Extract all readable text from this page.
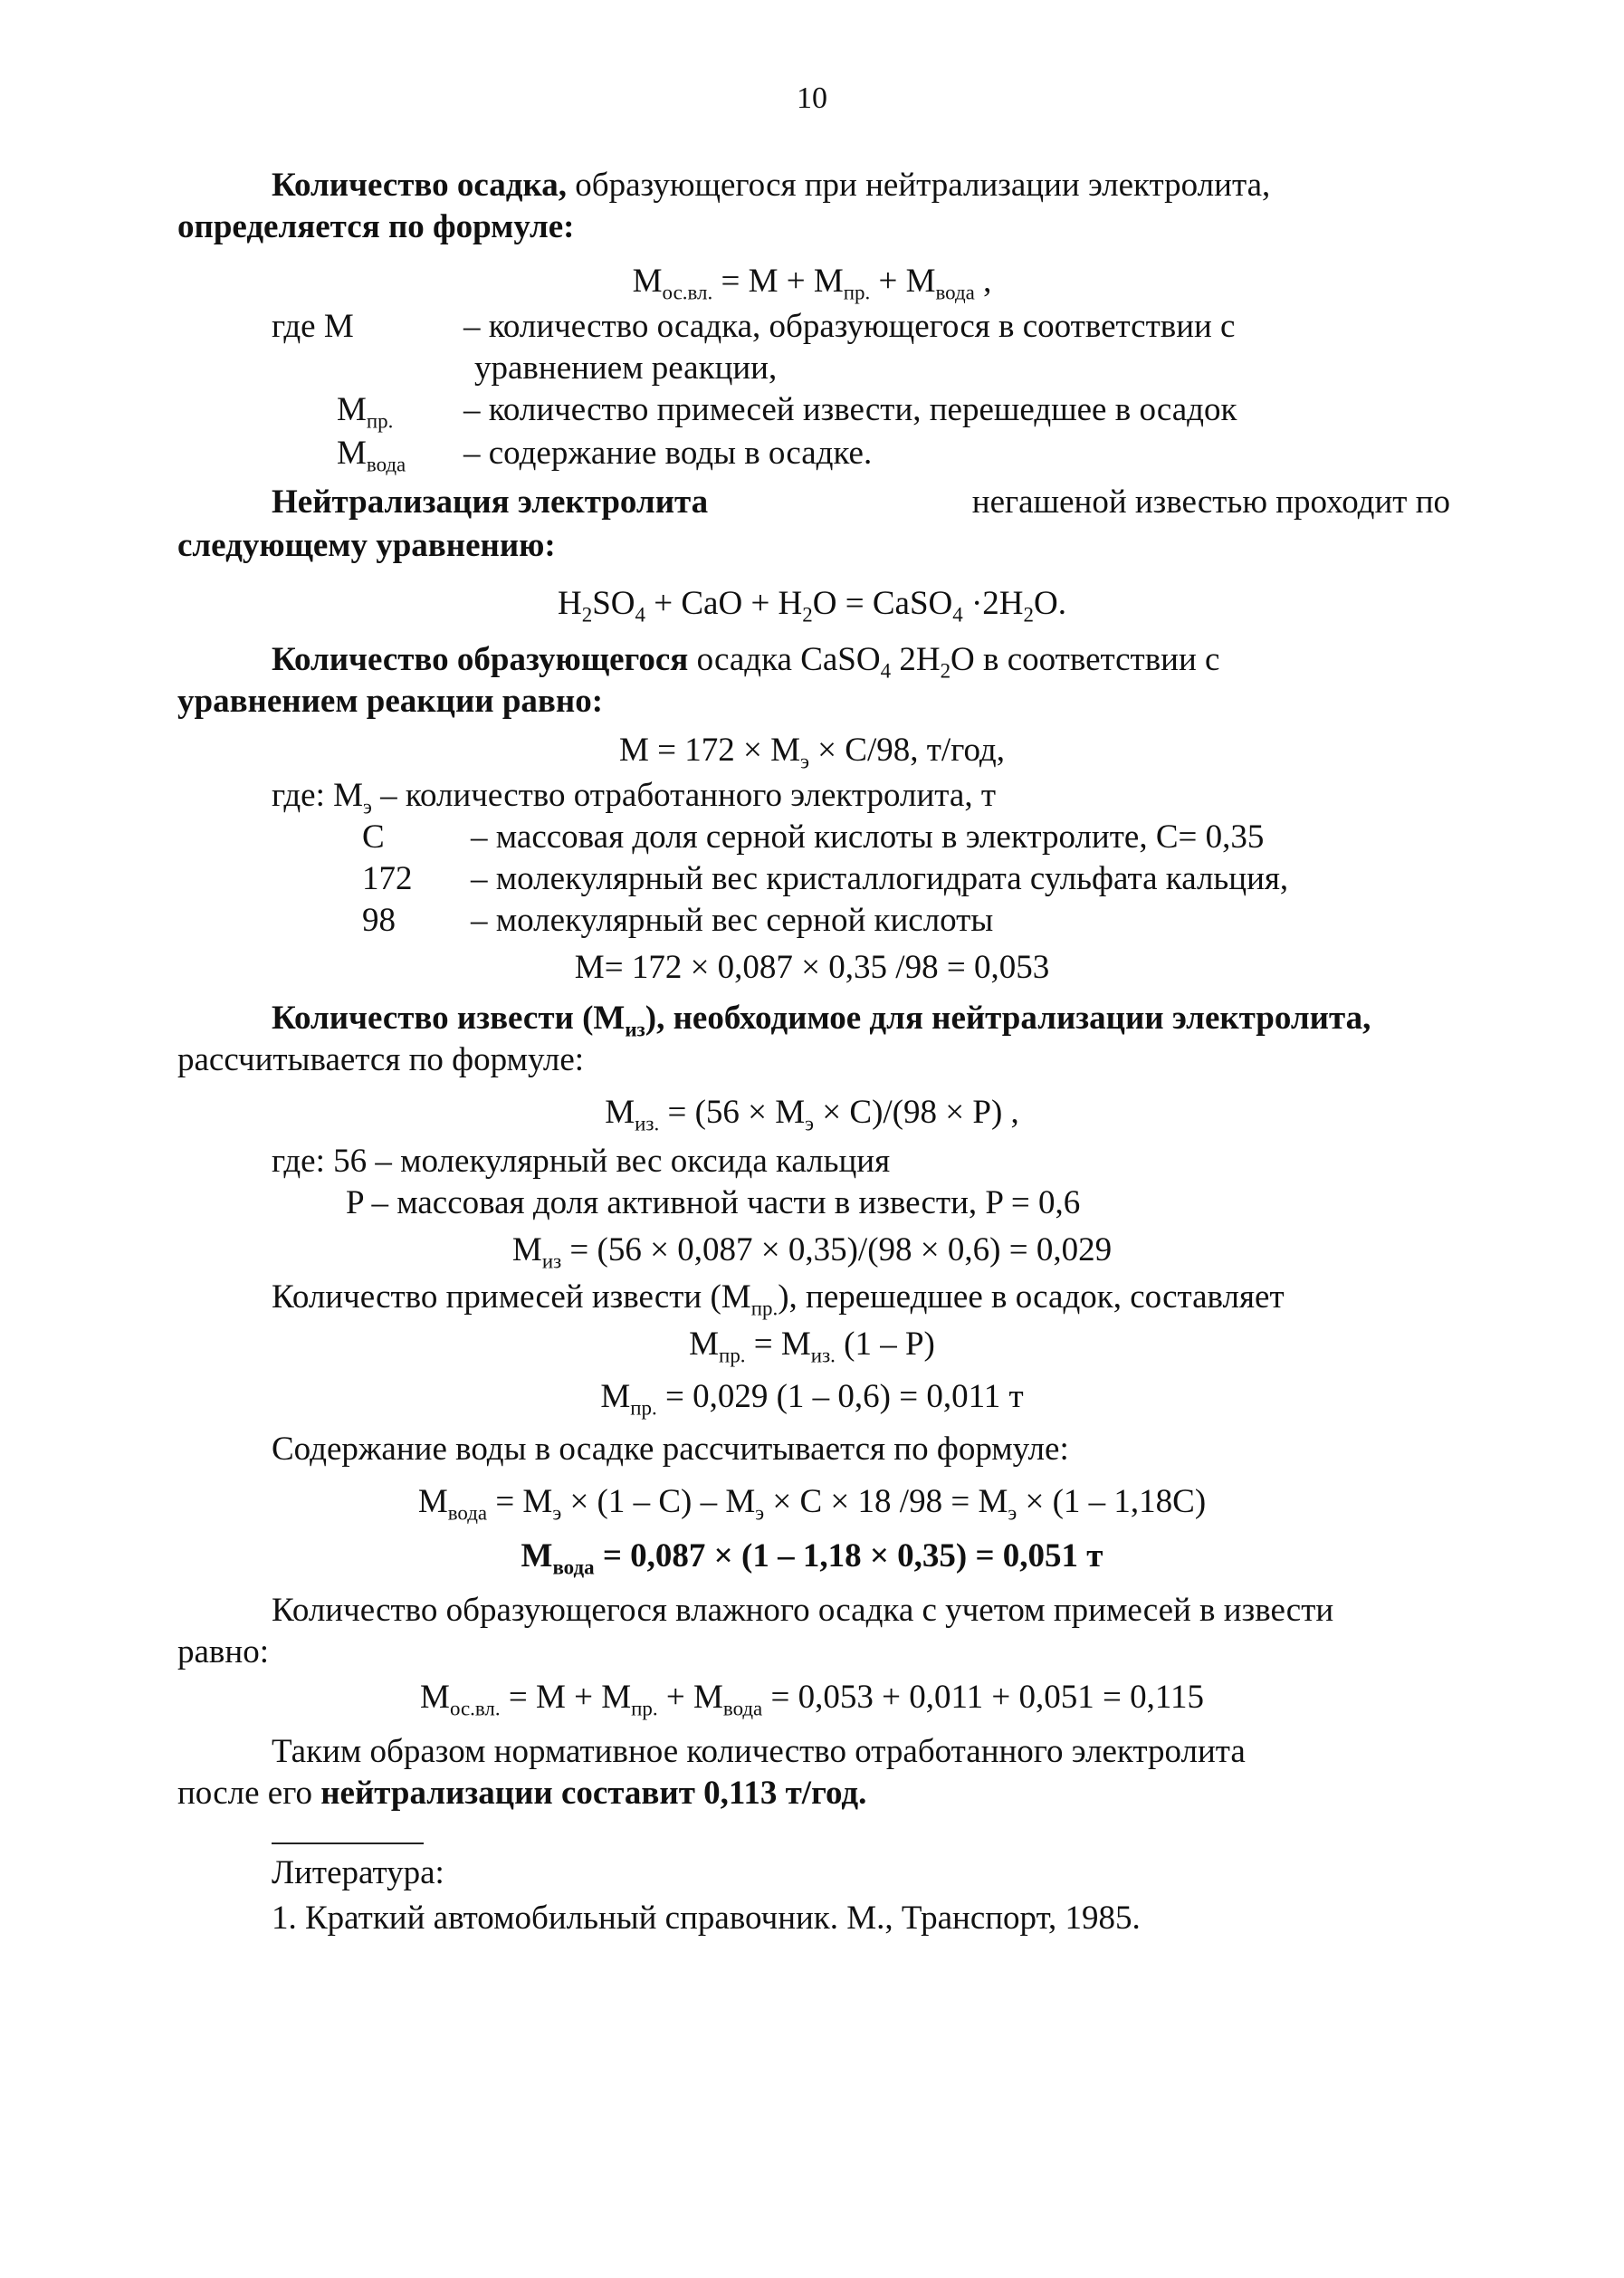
10
Количество осадка, образующегося при нейтрализации электролита,
определяется по формуле:
$M_{ос.вл.} = M + M_{пр.} + M_{вода}$ ,
где M	– количество осадка, образующегося в соответствии с
уравнением реакции,
$M_{пр.}$ – количество примесей извести, перешедшее в осадок
$M_{вода}$ – содержание воды в осадке.
Нейтрализация электролита	негашеной известью проходит по
следующему уравнению:
$H_2SO_4$ + CaO + $H_2O$ = CaSO$_4$ $\cdot 2H_2O$.
Количество образующегося осадка CaSO$_4$ $2H_2O$ в соответствии с
уравнением реакции равно:
$M = 172 \times M_э \times C/98$, т/год,
где: $M_э$ – количество отработанного электролита, т
C	– массовая доля серной кислоты в электролите, C= 0,35
172 – молекулярный вес кристаллогидрата сульфата кальция,
98 – молекулярный вес серной кислоты
M= 172 × 0,087 × 0,35 /98 = 0,053
Количество извести $(M_{из})$, необходимое для нейтрализации электролита,
рассчитывается по формуле:
$M_{из.} = (56 \times M_э \times C)/(98 \times P)$ ,
где: 56 – молекулярный вес оксида кальция
P – массовая доля активной части в извести, P = 0,6
$M_{из} = (56 \times 0,087 \times 0,35)/(98 \times 0,6) = 0,029$
Количество примесей извести $(M_{пр.})$, перешедшее в осадок, составляет
$M_{пр.} = M_{из.}$ (1 – P)
$M_{пр.} = 0,029$ (1 – 0,6) = 0,011 т
Содержание воды в осадке рассчитывается по формуле:
$M_{вода} = M_э \times (1 - C) - M_э \times C \times 18$ $/98 = M_э \times (1 - 1,18C)$
$M_{вода} = 0,087 \times (1 - 1,18 \times 0,35) = 0,051$ т
Количество образующегося влажного осадка с учетом примесей в извести
равно:
$M_{ос.вл.} = M + M_{пр.} + M_{вода} = 0,053 + 0,011 + 0,051 = 0,115$
Таким образом нормативное количество отработанного электролита
после его нейтрализации составит 0,113 т/год.
Литература:
1. Краткий автомобильный справочник. М., Транспорт, 1985.
